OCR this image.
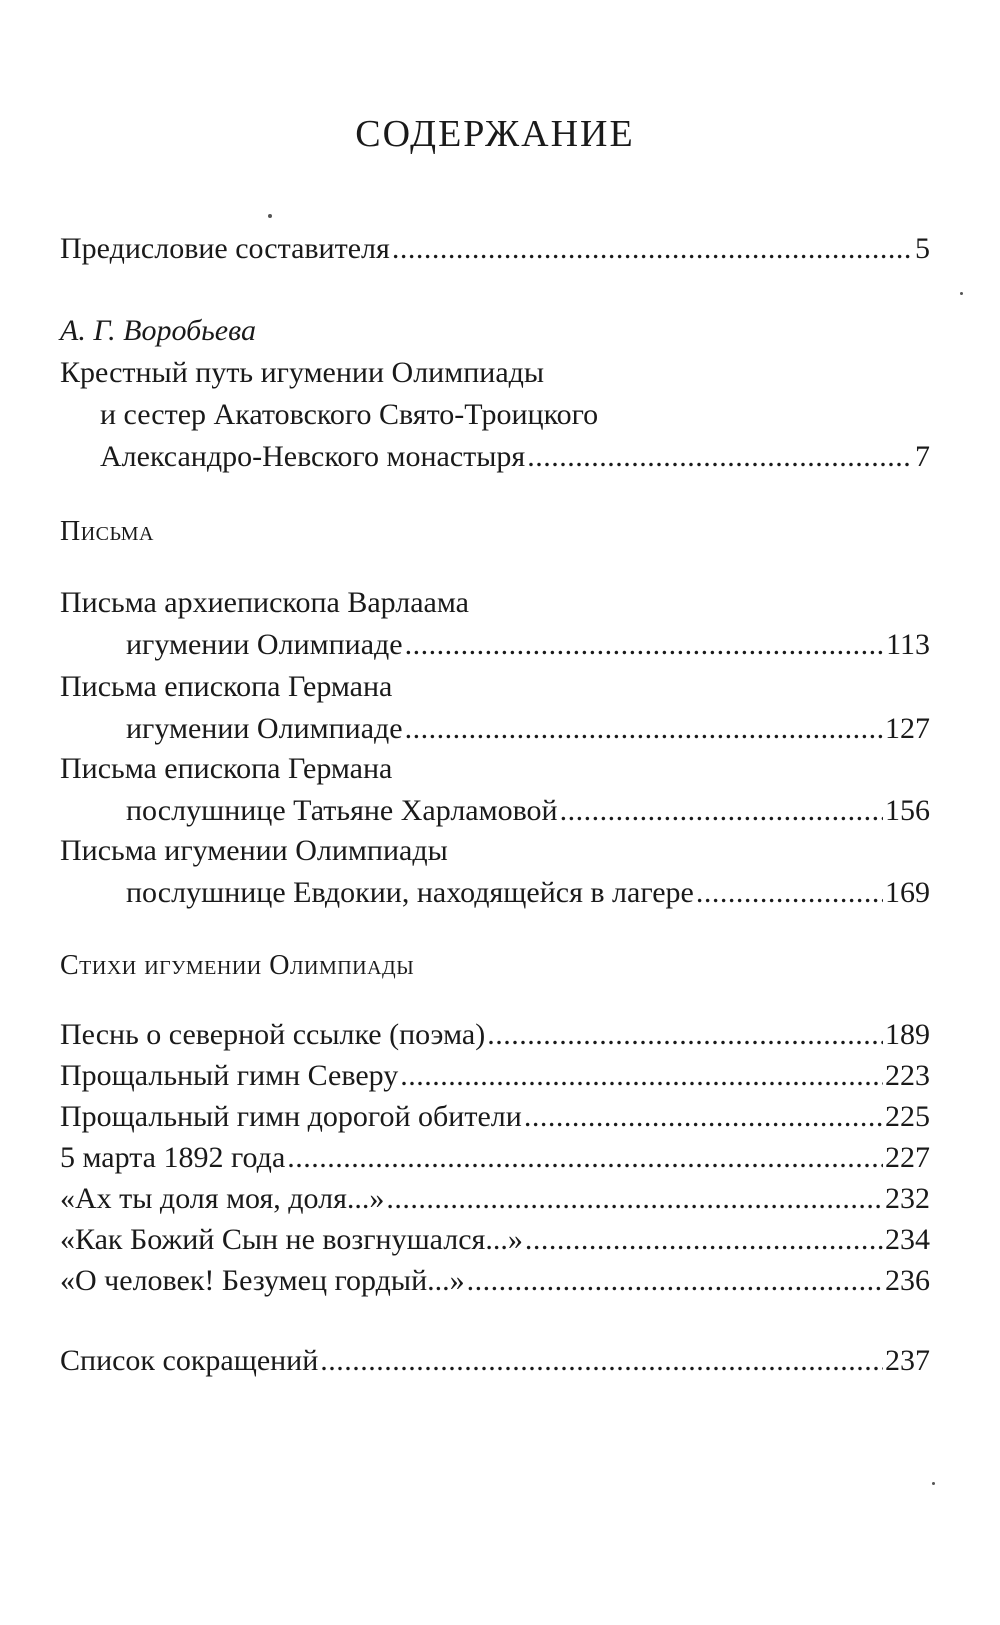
СОДЕРЖАНИЕ
Предисловие составителя .....	5
А. Г. Воробьева
Крестный путь игумении Олимпиады
и сестер Акатовского Свято-Троицкого
Александро-Невского монастыря .....	7
Письма
Письма архиепископа Варлаама
игумении Олимпиаде .....	113
Письма епископа Германа
игумении Олимпиаде .....	127
Письма епископа Германа
послушнице Татьяне Харламовой .....	156
Письма игумении Олимпиады
послушнице Евдокии, находящейся в лагере .....	169
Стихи игумении Олимпиады
Песнь о северной ссылке (поэма) .....	189
Прощальный гимн Северу .....	223
Прощальный гимн дорогой обители .....	225
5 марта 1892 года .....	227
«Ах ты доля моя, доля...» .....	232
«Как Божий Сын не возгнушался...» .....	234
«О человек! Безумец гордый...» .....	236
Список сокращений .....	237
